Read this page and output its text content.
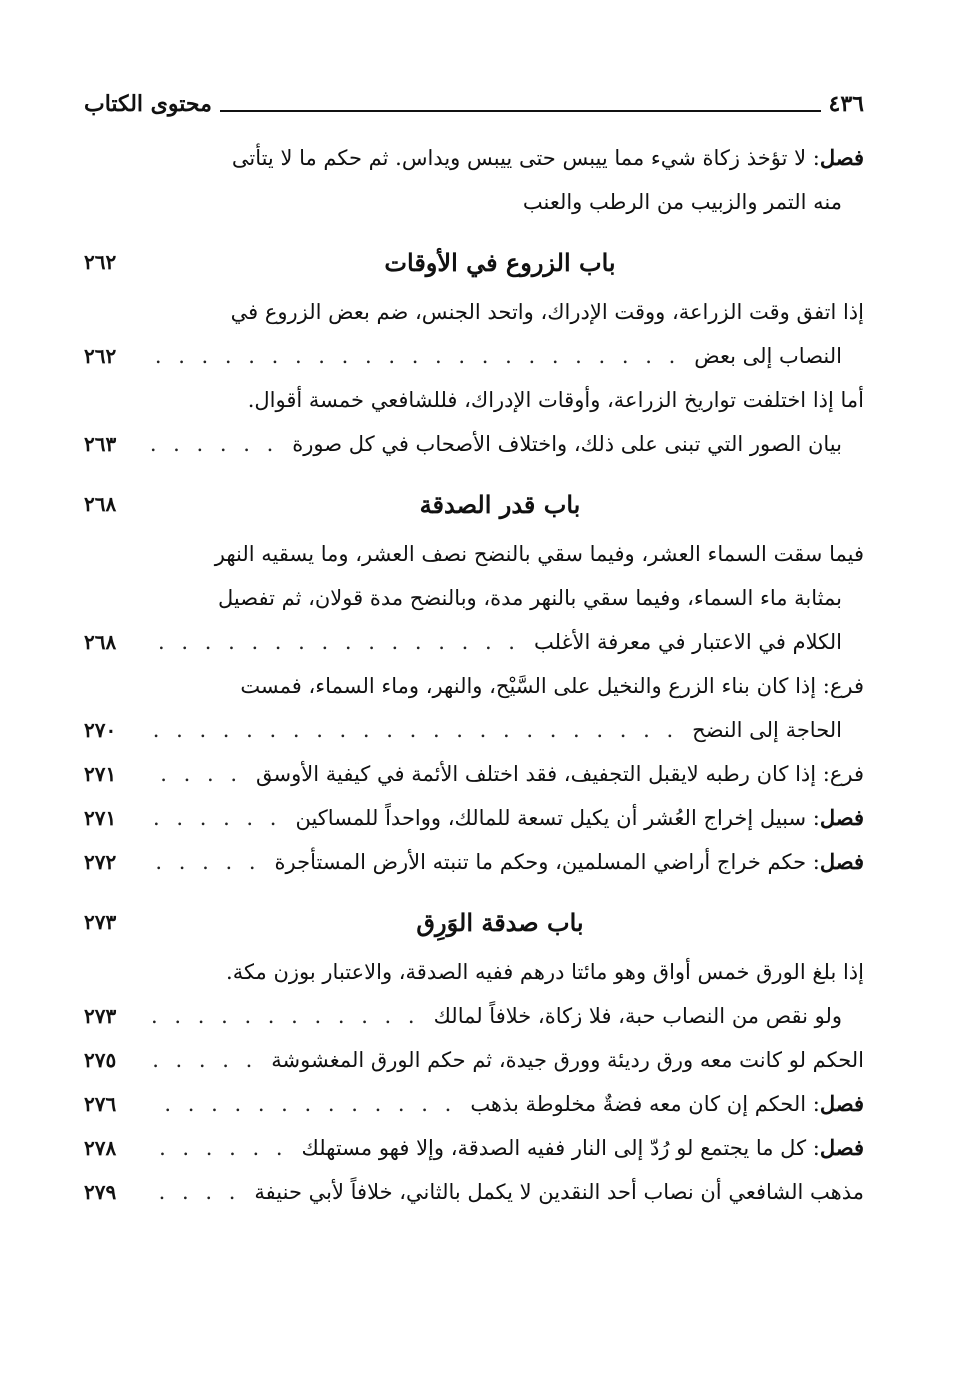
٤٣٦
محتوى الكتاب
فصل: لا تؤخذ زكاة شيء مما ييبس حتى ييبس ويداس. ثم حكم ما لا يتأتى
منه التمر والزبيب من الرطب والعنب
باب الزروع في الأوقات
٢٦٢
إذا اتفق وقت الزراعة، ووقت الإدراك، واتحد الجنس، ضم بعض الزروع في
النصاب إلى بعض
. . .
٢٦٢
أما إذا اختلفت تواريخ الزراعة، وأوقات الإدراك، فللشافعي خمسة أقوال.
بيان الصور التي تبنى على ذلك، واختلاف الأصحاب في كل صورة
. . .
٢٦٣
باب قدر الصدقة
٢٦٨
فيما سقت السماء العشر، وفيما سقي بالنضح نصف العشر، وما يسقيه النهر
بمثابة ماء السماء، وفيما سقي بالنهر مدة، وبالنضح مدة قولان، ثم تفصيل
الكلام في الاعتبار في معرفة الأغلب
. . .
٢٦٨
فرع: إذا كان بناء الزرع والنخيل على السَّيْح، والنهر، وماء السماء، فمست
الحاجة إلى النضح
. . .
٢٧٠
فرع: إذا كان رطبه لايقبل التجفيف، فقد اختلف الأئمة في كيفية الأوسق
. . .
٢٧١
فصل: سبيل إخراج العُشر أن يكيل تسعة للمالك، وواحداً للمساكين
. . .
٢٧١
فصل: حكم خراج أراضي المسلمين، وحكم ما تنبته الأرض المستأجرة
. . .
٢٧٢
باب صدقة الوَرِق
٢٧٣
إذا بلغ الورق خمس أواق وهو مائتا درهم ففيه الصدقة، والاعتبار بوزن مكة.
ولو نقص من النصاب حبة، فلا زكاة، خلافاً لمالك
. . .
٢٧٣
الحكم لو كانت معه ورق رديئة وورق جيدة، ثم حكم الورق المغشوشة
. . .
٢٧٥
فصل: الحكم إن كان معه فضةٌ مخلوطة بذهب
. . .
٢٧٦
فصل: كل ما يجتمع لو رُدّ إلى النار ففيه الصدقة، وإلا فهو مستهلك
. . .
٢٧٨
مذهب الشافعي أن نصاب أحد النقدين لا يكمل بالثاني، خلافاً لأبي حنيفة
. . .
٢٧٩
